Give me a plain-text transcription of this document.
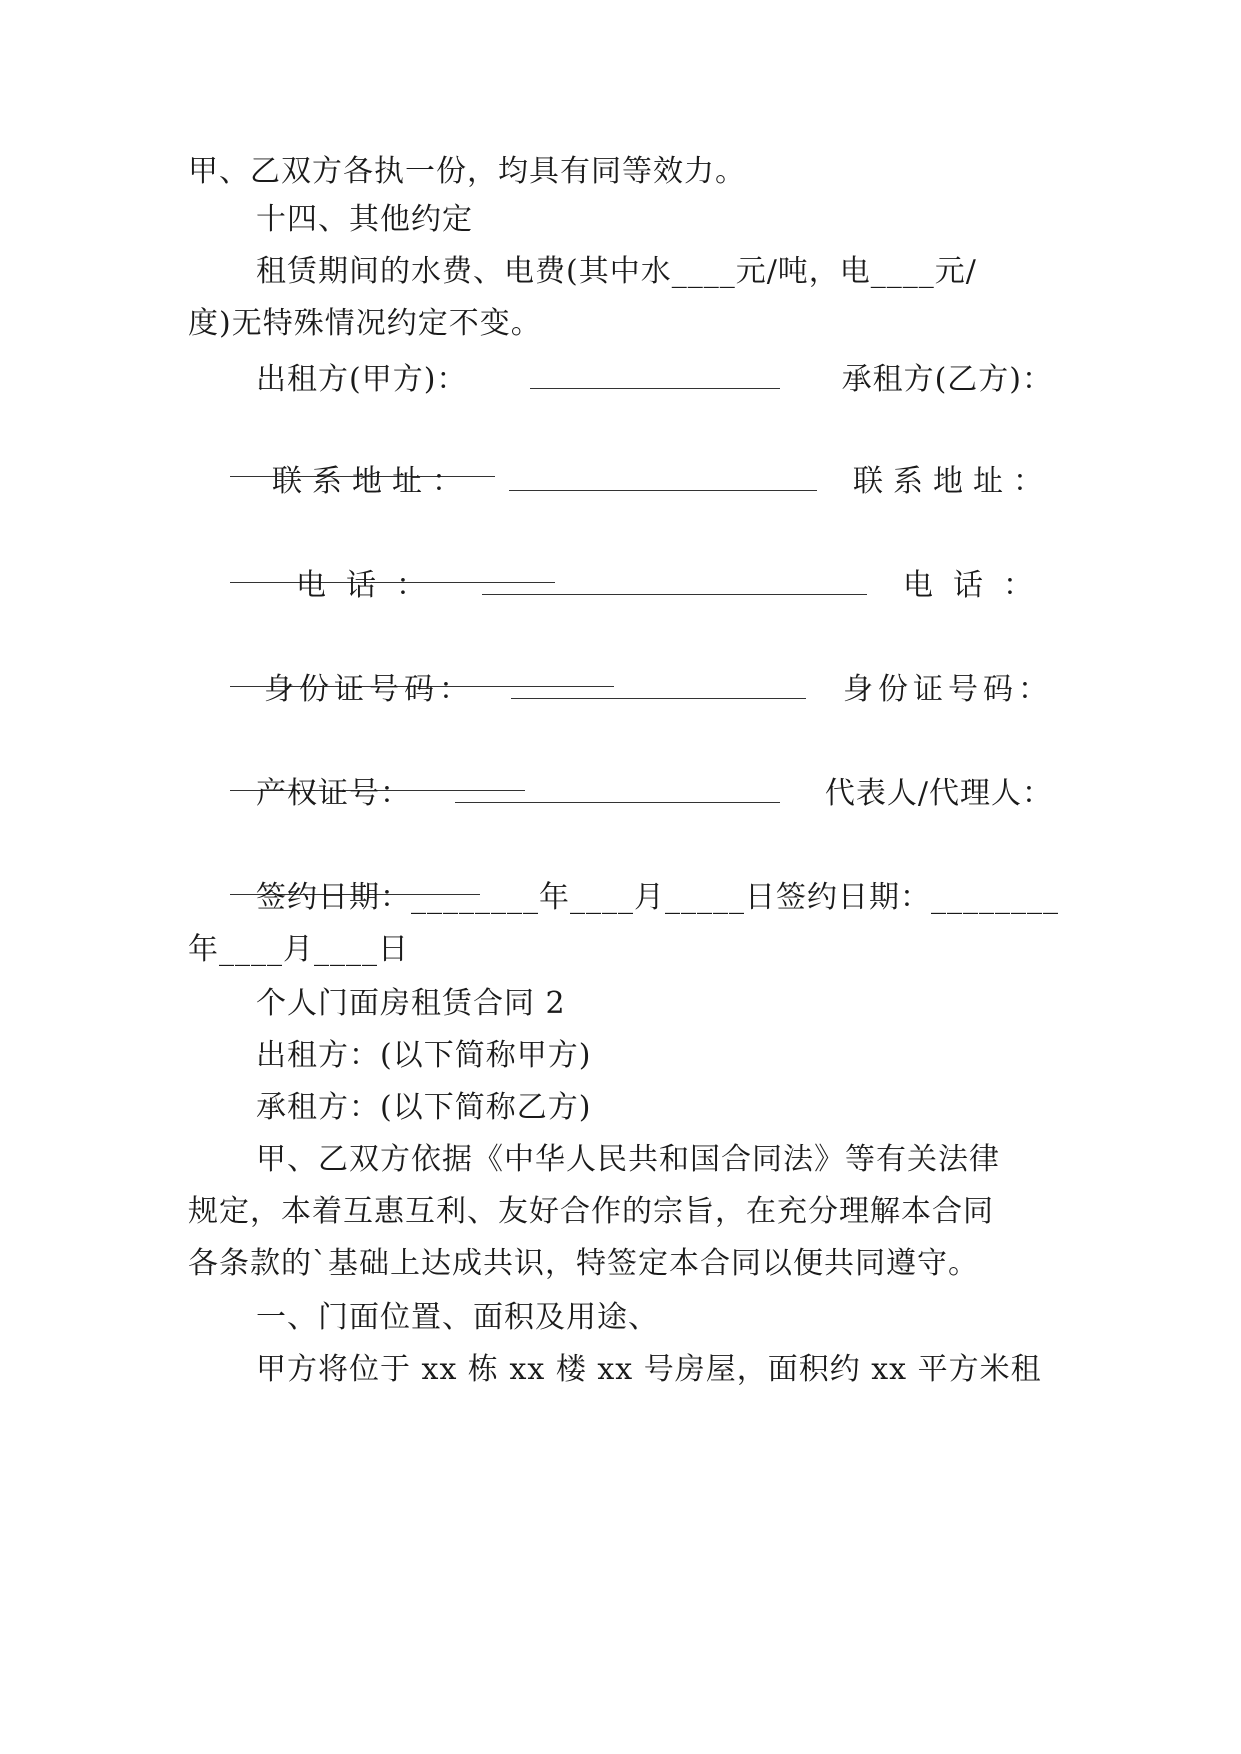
甲、乙双方各执一份，均具有同等效力。
十四、其他约定
租赁期间的水费、电费(其中水____元/吨，电____元/
度)无特殊情况约定不变。
出租方(甲方)：	承租方(乙方)：

联系地址：	联系地址：

电话：	电话：

身份证号码：	身份证号码：

产权证号：	代表人/代理人：

签约日期：________年____月_____日签约日期：________
年____月____日
个人门面房租赁合同 2
出租方：(以下简称甲方)
承租方：(以下简称乙方)
甲、乙双方依据《中华人民共和国合同法》等有关法律
规定，本着互惠互利、友好合作的宗旨，在充分理解本合同
各条款的`基础上达成共识，特签定本合同以便共同遵守。
一、门面位置、面积及用途、
甲方将位于 xx 栋 xx 楼 xx 号房屋，面积约 xx 平方米租
